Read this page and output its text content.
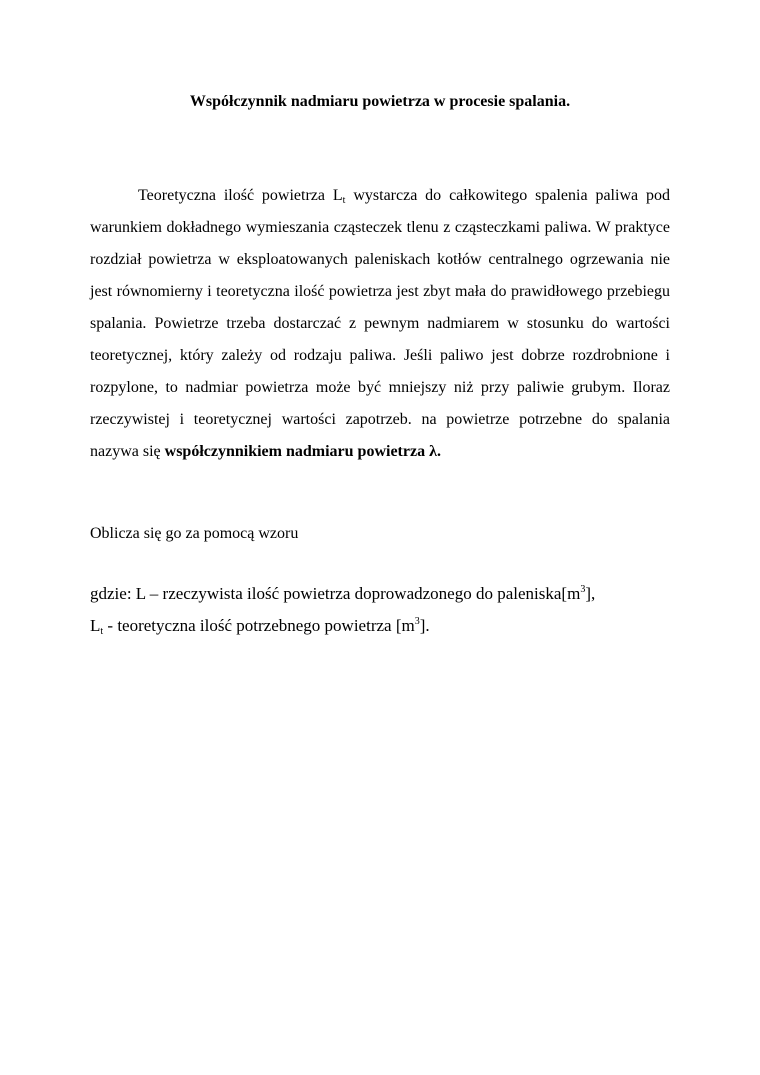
Współczynnik nadmiaru powietrza w procesie spalania.

Teoretyczna ilość powietrza $L_t$ wystarcza do całkowitego spalenia paliwa pod warunkiem dokładnego wymieszania cząsteczek tlenu z cząsteczkami paliwa. W praktyce rozdział powietrza w eksploatowanych paleniskach kotłów centralnego ogrzewania nie jest równomierny i teoretyczna ilość powietrza jest zbyt mała do prawidłowego przebiegu spalania. Powietrze trzeba dostarczać z pewnym nadmiarem w stosunku do wartości teoretycznej, który zależy od rodzaju paliwa. Jeśli paliwo jest dobrze rozdrobnione i rozpylone, to nadmiar powietrza może być mniejszy niż przy paliwie grubym. Iloraz rzeczywistej i teoretycznej wartości zapotrzeb. na powietrze potrzebne do spalania nazywa się współczynnikiem nadmiaru powietrza λ.

Oblicza się go za pomocą wzoru
gdzie: L – rzeczywista ilość powietrza doprowadzonego do $paleniska[m^3]$,
$L_t$ - teoretyczna ilość potrzebnego powietrza $[m^3]$.
